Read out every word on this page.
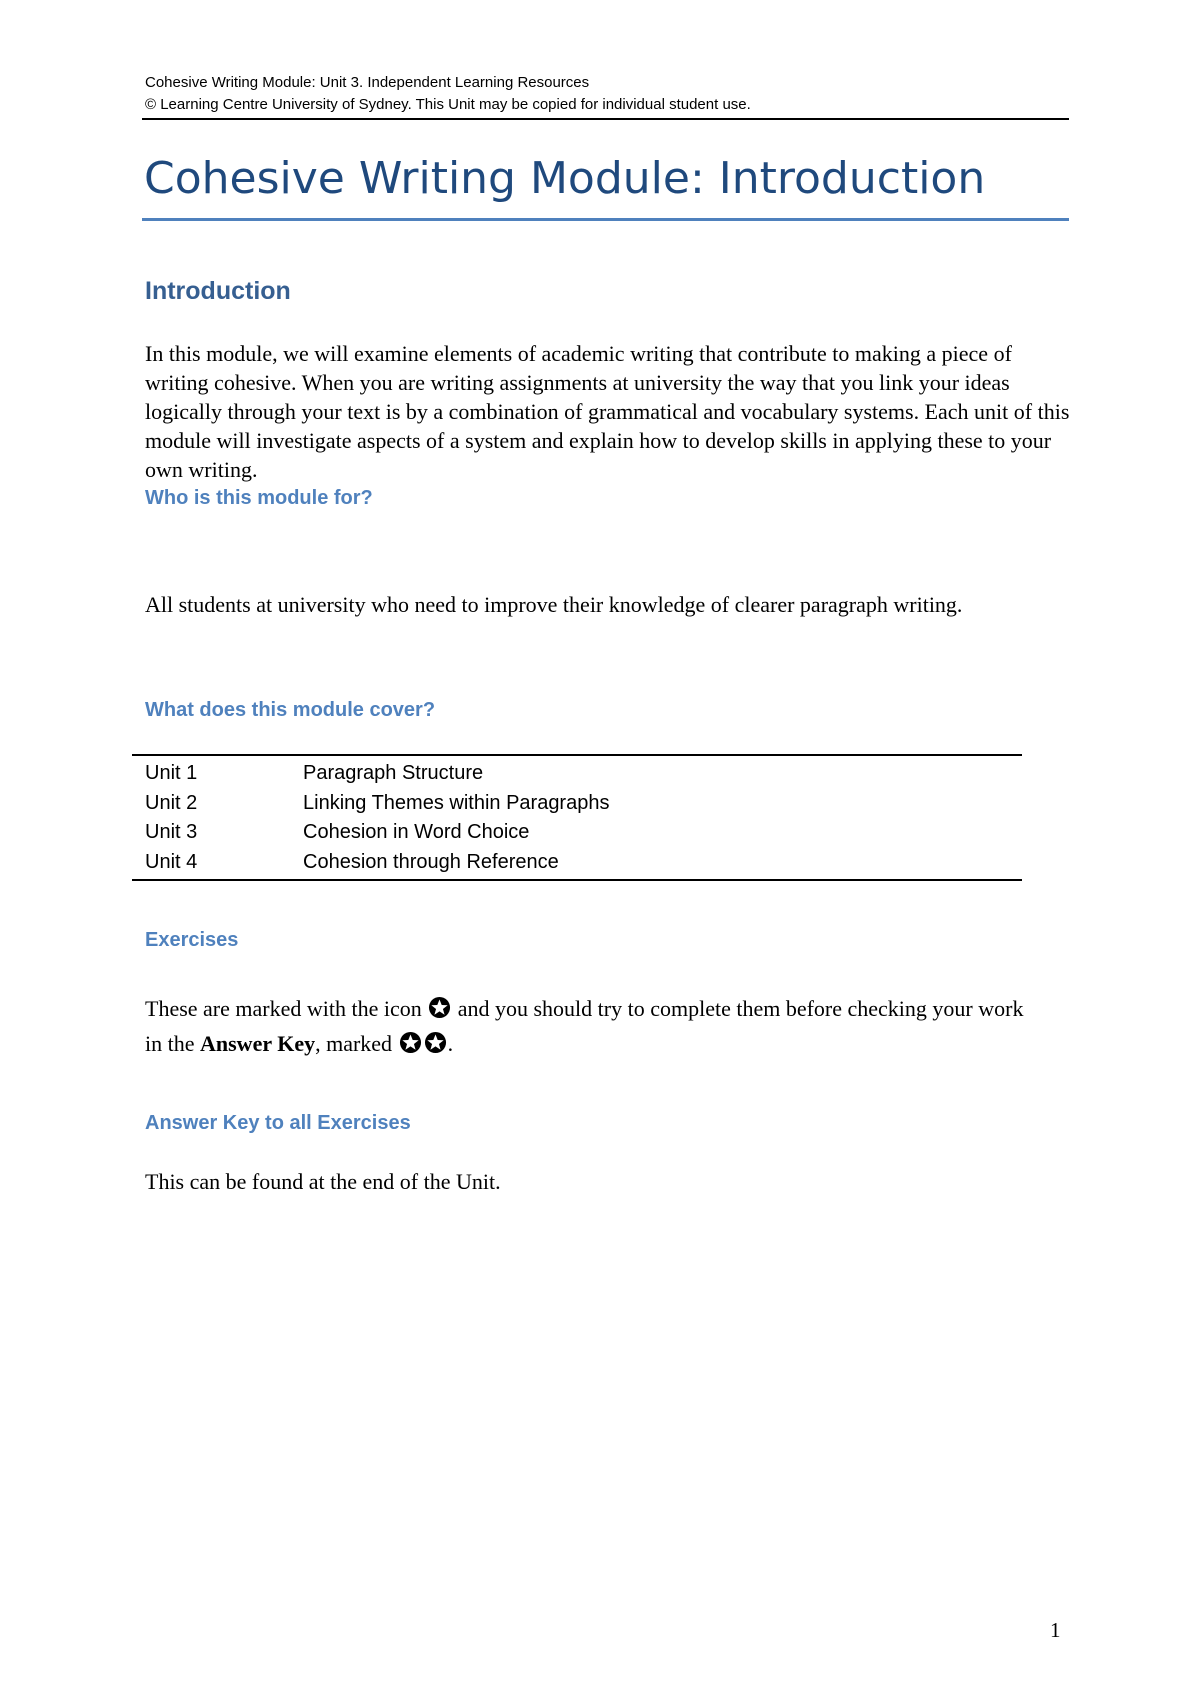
Cohesive Writing Module: Unit 3. Independent Learning Resources
© Learning Centre University of Sydney. This Unit may be copied for individual student use.
Cohesive Writing Module: Introduction
Introduction

In this module, we will examine elements of academic writing that contribute to making a piece of writing cohesive. When you are writing assignments at university the way that you link your ideas logically through your text is by a combination of grammatical and vocabulary systems. Each unit of this module will investigate aspects of a system and explain how to develop skills in applying these to your own writing.

Who is this module for?

All students at university who need to improve their knowledge of clearer paragraph writing.

What does this module cover?
Unit 1	Paragraph Structure
Unit 2	Linking Themes within Paragraphs
Unit 3	Cohesion in Word Choice
Unit 4	Cohesion through Reference
Exercises

These are marked with the icon  and you should try to complete them before checking your work in the Answer Key, marked .

Answer Key to all Exercises

This can be found at the end of the Unit.

1
